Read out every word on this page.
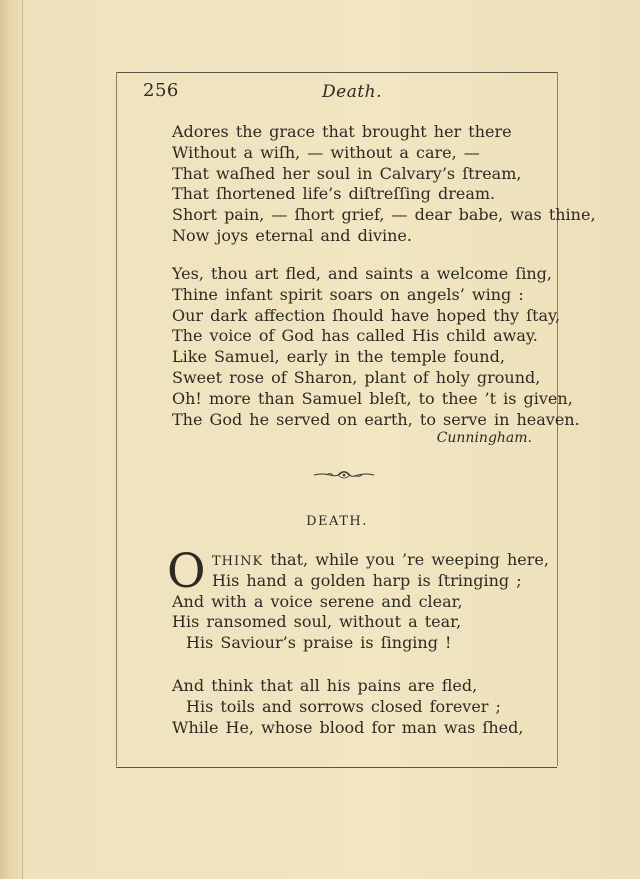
256	Death.
Adores the grace that brought her there
Without a wiſh, — without a care, —
That waſhed her soul in Calvary’s ſtream,
That ſhortened life’s diſtreſſing dream.
Short pain, — ſhort grief, — dear babe, was thine,
Now joys eternal and divine.
Yes, thou art fled, and saints a welcome ſing,
Thine infant spirit soars on angels’ wing :
Our dark affection ſhould have hoped thy ſtay,
The voice of God has called His child away.
Like Samuel, early in the temple found,
Sweet rose of Sharon, plant of holy ground,
Oh! more than Samuel bleſt, to thee ’t is given,
The God he served on earth, to serve in heaven.
Cunningham.
DEATH.
O THINK that, while you ’re weeping here,
His hand a golden harp is ſtringing ;
And with a voice serene and clear,
His ransomed soul, without a tear,
His Saviour’s praise is ſinging !
And think that all his pains are fled,
His toils and sorrows closed forever ;
While He, whose blood for man was ſhed,
